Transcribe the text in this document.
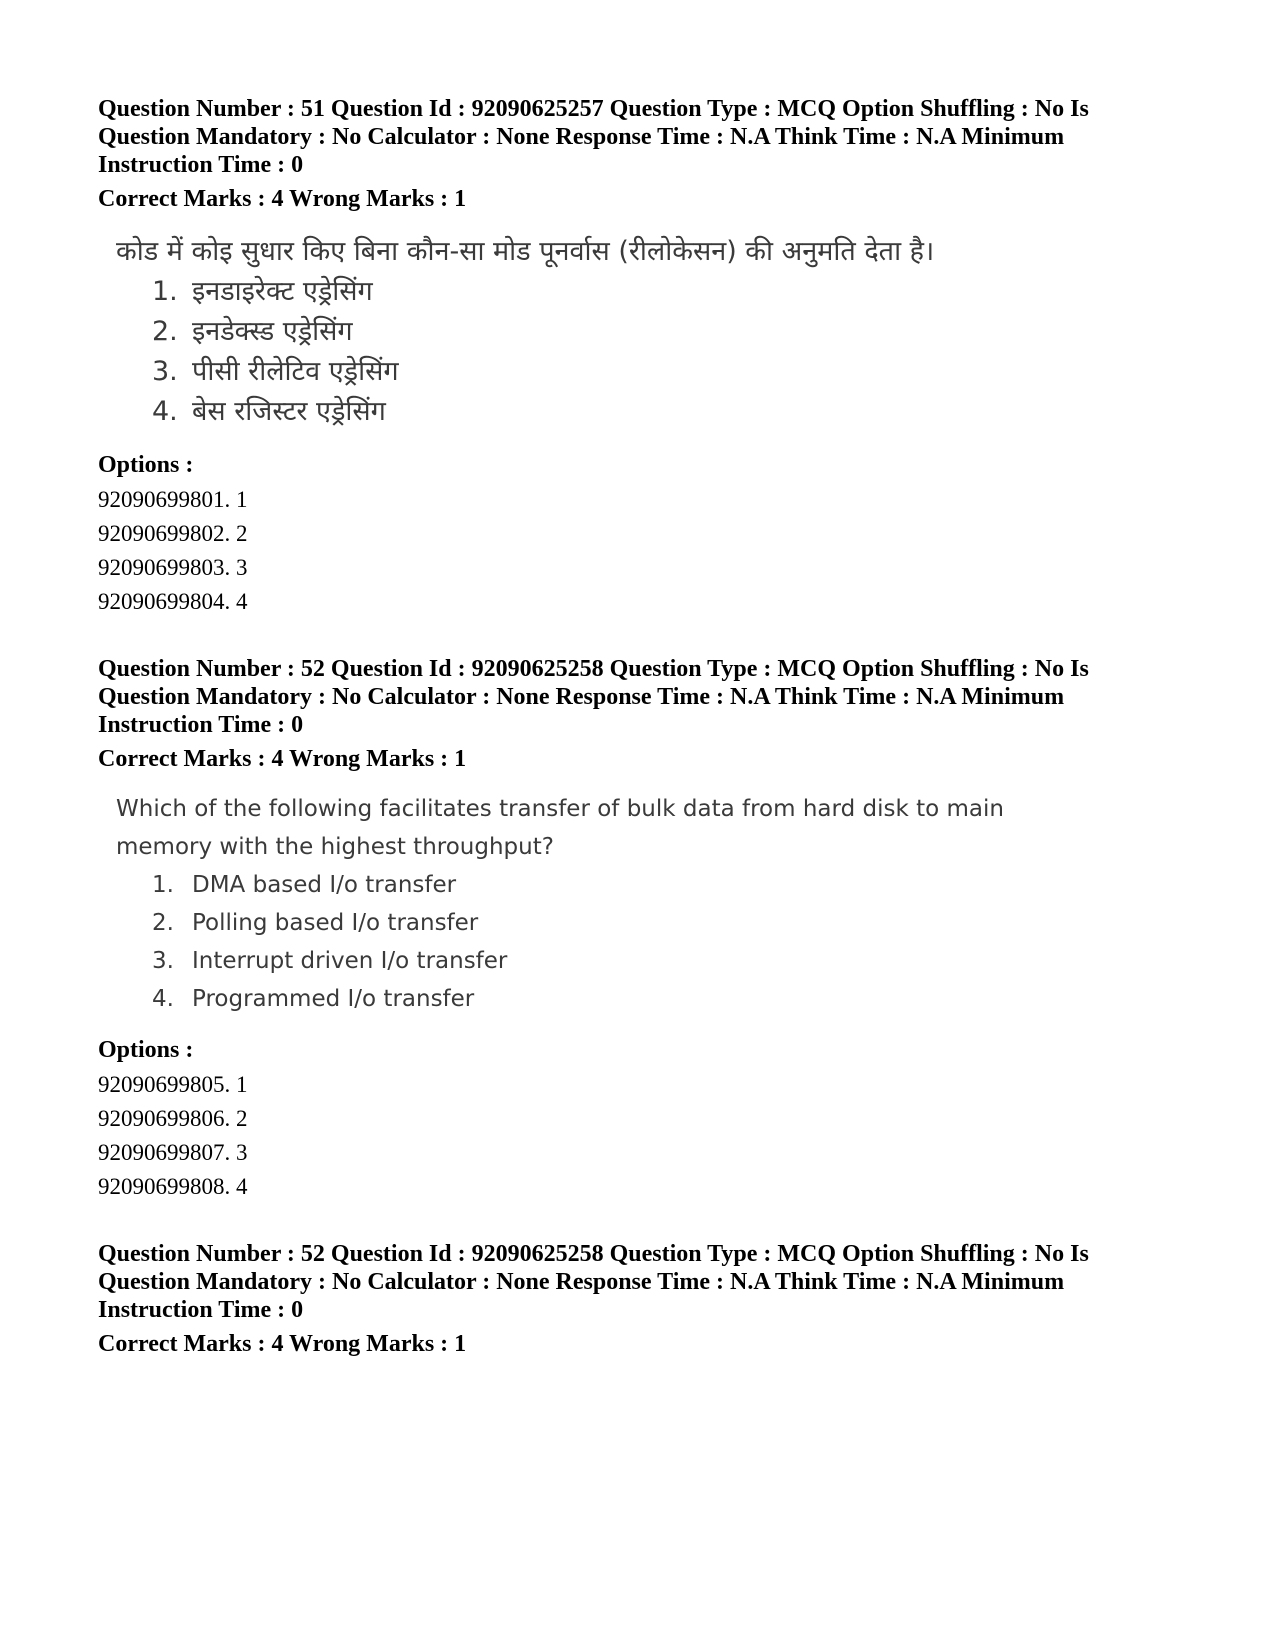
Question Number : 51 Question Id : 92090625257 Question Type : MCQ Option Shuffling : No Is Question Mandatory : No Calculator : None Response Time : N.A Think Time : N.A Minimum Instruction Time : 0

Correct Marks : 4 Wrong Marks : 1

कोड में कोइ सुधार किए बिना कौन-सा मोड पूनर्वास (रीलोकेसन) की अनुमति देता है।

1. इनडाइरेक्ट एड्रेसिंग
2. इनडेक्स्ड एड्रेसिंग
3. पीसी रीलेटिव एड्रेसिंग
4. बेस रजिस्टर एड्रेसिंग
Options :
92090699801. 1
92090699802. 2
92090699803. 3
92090699804. 4

Question Number : 52 Question Id : 92090625258 Question Type : MCQ Option Shuffling : No Is Question Mandatory : No Calculator : None Response Time : N.A Think Time : N.A Minimum Instruction Time : 0

Correct Marks : 4 Wrong Marks : 1

Which of the following facilitates transfer of bulk data from hard disk to main

memory with the highest throughput?

1. DMA based I/o transfer
2. Polling based I/o transfer
3. Interrupt driven I/o transfer
4. Programmed I/o transfer
Options :
92090699805. 1
92090699806. 2
92090699807. 3
92090699808. 4

Question Number : 52 Question Id : 92090625258 Question Type : MCQ Option Shuffling : No Is Question Mandatory : No Calculator : None Response Time : N.A Think Time : N.A Minimum Instruction Time : 0

Correct Marks : 4 Wrong Marks : 1
